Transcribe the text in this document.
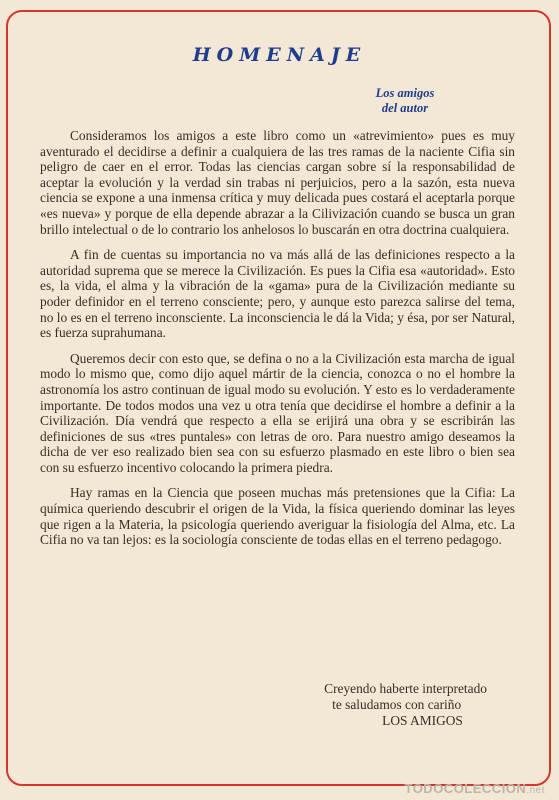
HOMENAJE
Los amigos
del autor

Consideramos los amigos a este libro como un «atrevimiento» pues es muy aventurado el decidirse a definir a cualquiera de las tres ramas de la naciente Cifia sin peligro de caer en el error. Todas las ciencias cargan sobre sí la responsabilidad de aceptar la evolución y la verdad sin trabas ni perjuicios, pero a la sazón, esta nueva ciencia se expone a una inmensa crítica y muy delicada pues costará el aceptarla porque «es nueva» y porque de ella depende abrazar a la Cilivización cuando se busca un gran brillo intelectual o de lo contrario los anhelosos lo buscarán en otra doctrina cualquiera.

A fin de cuentas su importancia no va más allá de las definiciones respecto a la autoridad suprema que se merece la Civilización. Es pues la Cifia esa «autoridad». Esto es, la vida, el alma y la vibración de la «gama» pura de la Civilización mediante su poder definidor en el terreno consciente; pero, y aunque esto parezca salirse del tema, no lo es en el terreno inconsciente. La inconsciencia le dá la Vida; y ésa, por ser Natural, es fuerza suprahumana.

Queremos decir con esto que, se defina o no a la Civilización esta marcha de igual modo lo mismo que, como dijo aquel mártir de la ciencia, conozca o no el hombre la astronomía los astro continuan de igual modo su evolución. Y esto es lo verdaderamente importante. De todos modos una vez u otra tenía que decidirse el hombre a definir a la Civilización. Día vendrá que respecto a ella se erijirá una obra y se escribirán las definiciones de sus «tres puntales» con letras de oro. Para nuestro amigo deseamos la dicha de ver eso realizado bien sea con su esfuerzo plasmado en este libro o bien sea con su esfuerzo incentivo colocando la primera piedra.

Hay ramas en la Ciencia que poseen muchas más pretensiones que la Cifia: La química queriendo descubrir el origen de la Vida, la física queriendo dominar las leyes que rigen a la Materia, la psicología queriendo averiguar la fisiología del Alma, etc. La Cifia no va tan lejos: es la sociología consciente de todas ellas en el terreno pedagogo.

Creyendo haberte interpretado
te saludamos con cariño
LOS AMIGOS
TODOCOLECCION.net
